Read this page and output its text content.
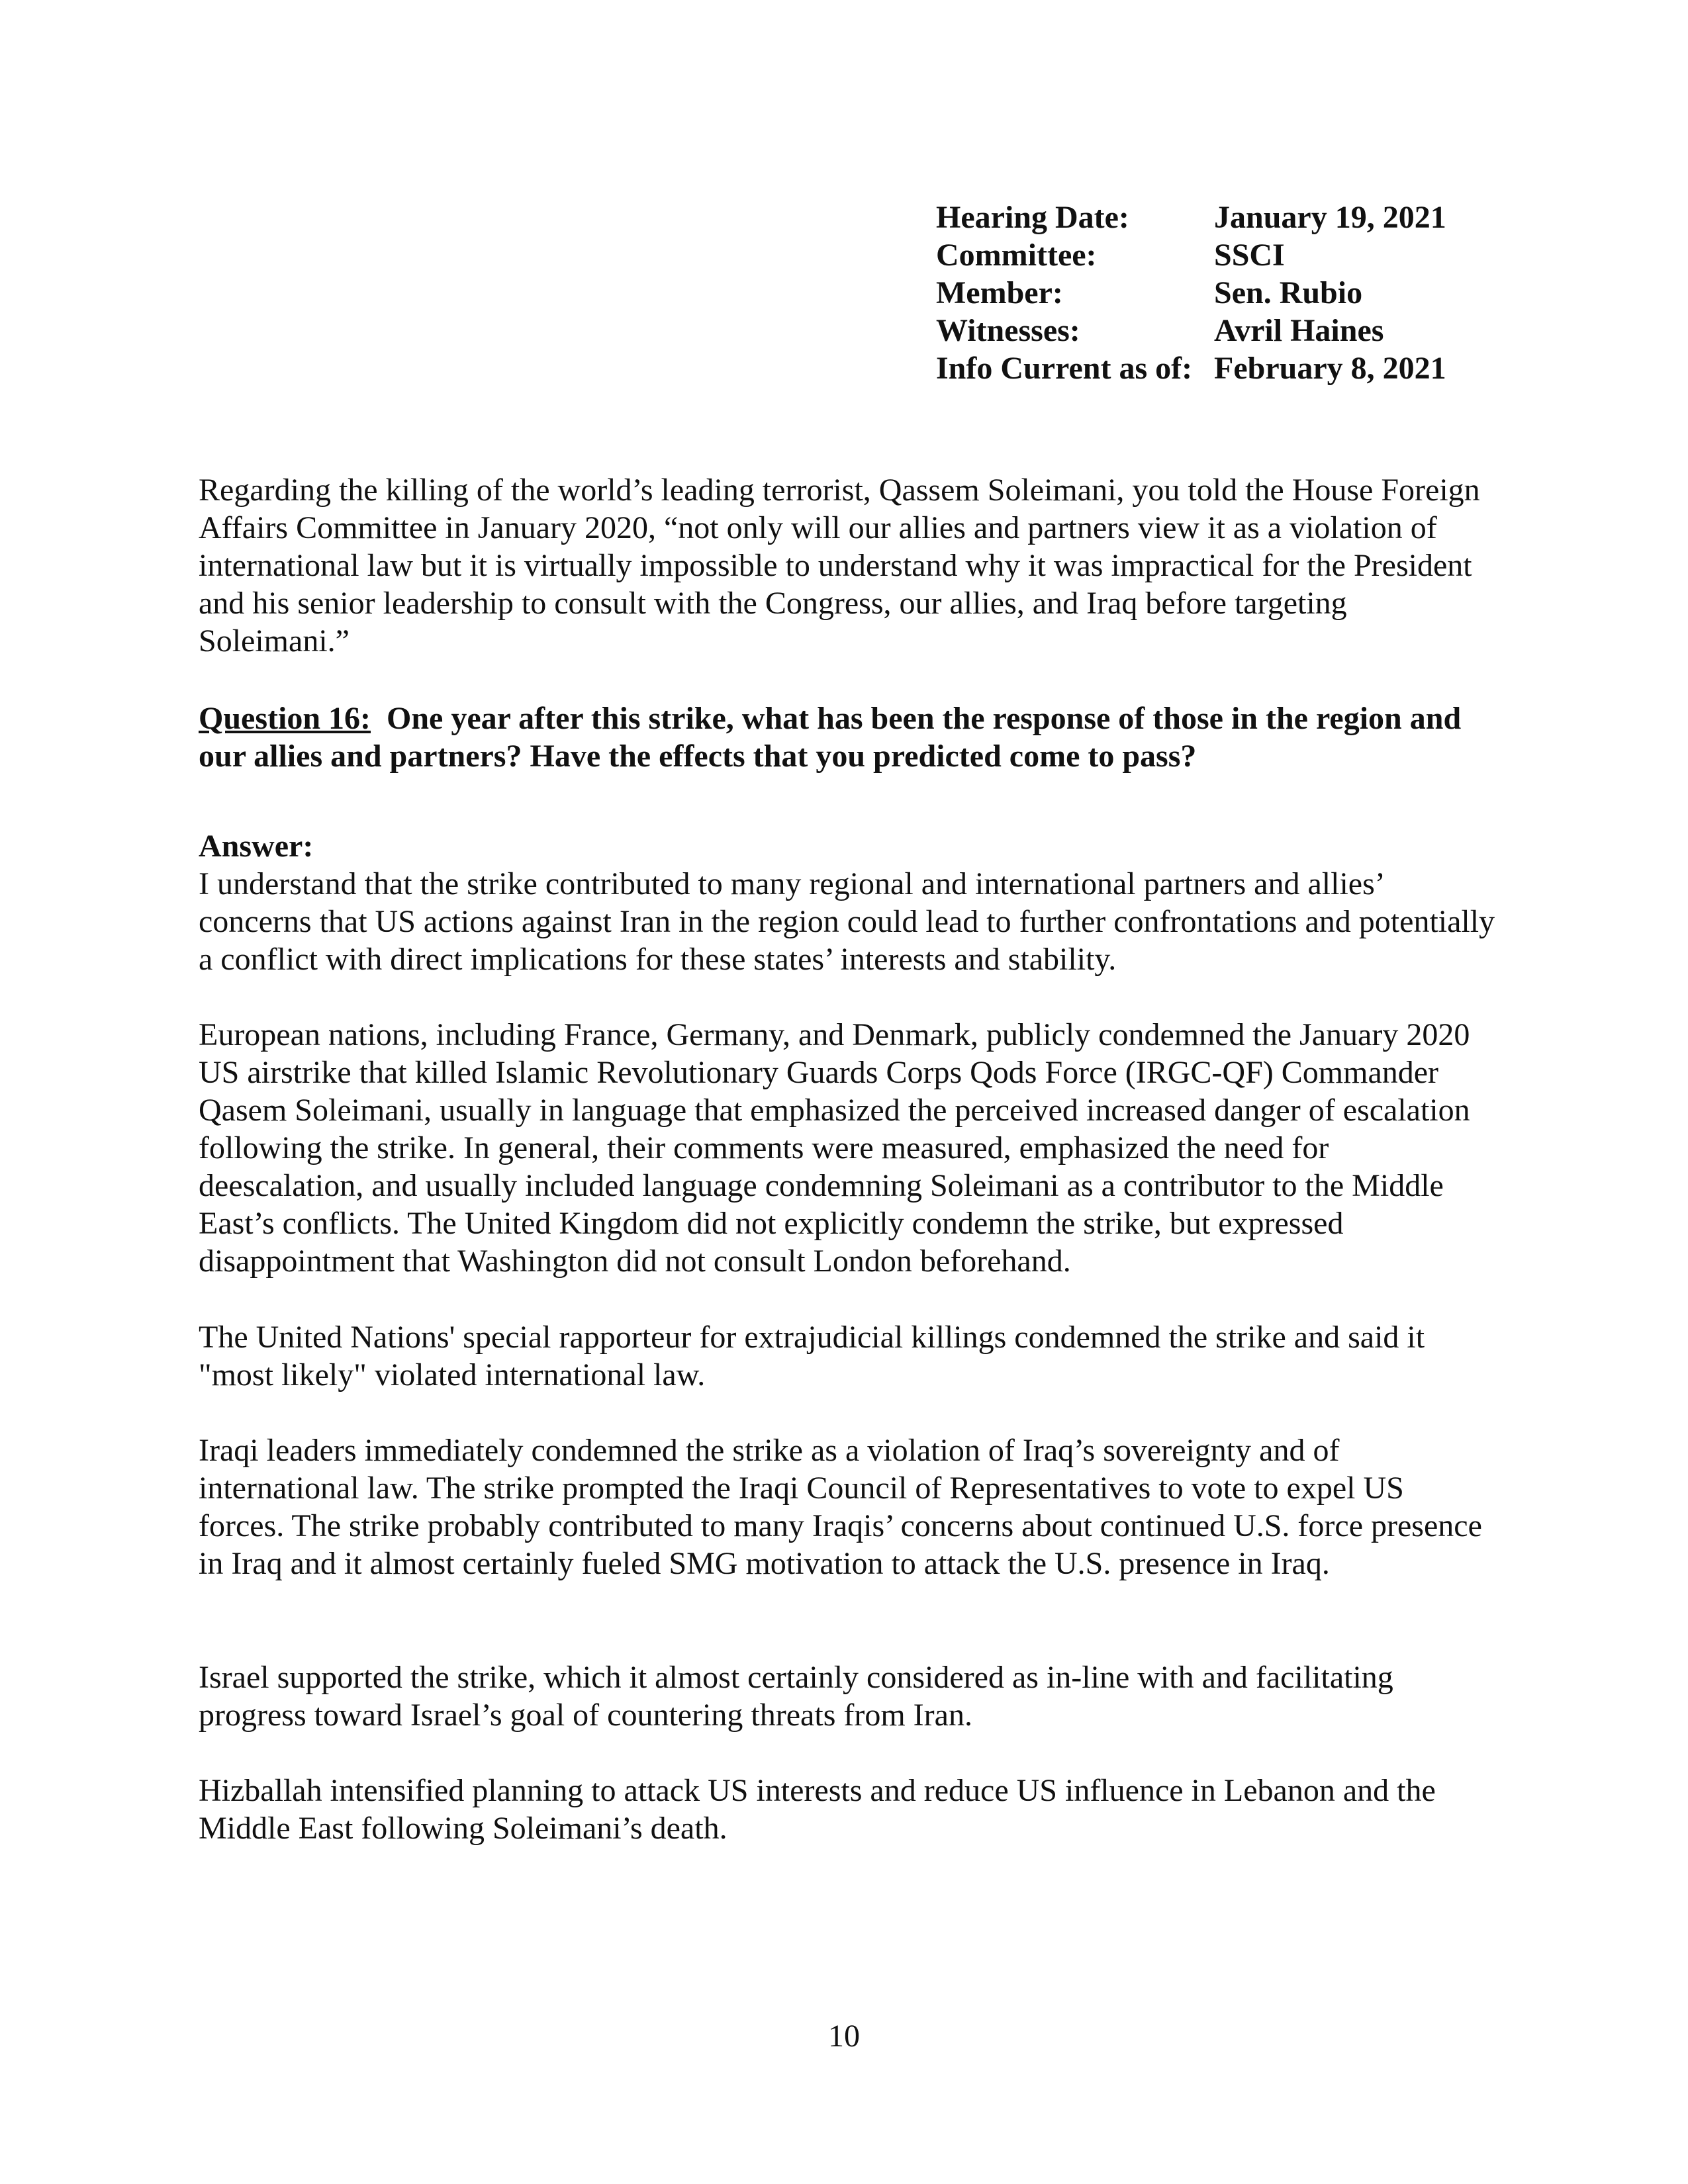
Hearing Date:	January 19, 2021
Committee:	SSCI
Member:	Sen. Rubio
Witnesses:	Avril Haines
Info Current as of: February 8, 2021

Regarding the killing of the world’s leading terrorist, Qassem Soleimani, you told the House Foreign Affairs Committee in January 2020, “not only will our allies and partners view it as a violation of international law but it is virtually impossible to understand why it was impractical for the President and his senior leadership to consult with the Congress, our allies, and Iraq before targeting Soleimani.”

Question 16: One year after this strike, what has been the response of those in the region and our allies and partners? Have the effects that you predicted come to pass?

Answer:

I understand that the strike contributed to many regional and international partners and allies’ concerns that US actions against Iran in the region could lead to further confrontations and potentially a conflict with direct implications for these states’ interests and stability.

European nations, including France, Germany, and Denmark, publicly condemned the January 2020 US airstrike that killed Islamic Revolutionary Guards Corps Qods Force (IRGC-QF) Commander Qasem Soleimani, usually in language that emphasized the perceived increased danger of escalation following the strike. In general, their comments were measured, emphasized the need for deescalation, and usually included language condemning Soleimani as a contributor to the Middle East’s conflicts. The United Kingdom did not explicitly condemn the strike, but expressed disappointment that Washington did not consult London beforehand.

The United Nations' special rapporteur for extrajudicial killings condemned the strike and said it "most likely" violated international law.

Iraqi leaders immediately condemned the strike as a violation of Iraq’s sovereignty and of international law. The strike prompted the Iraqi Council of Representatives to vote to expel US forces. The strike probably contributed to many Iraqis’ concerns about continued U.S. force presence in Iraq and it almost certainly fueled SMG motivation to attack the U.S. presence in Iraq.

Israel supported the strike, which it almost certainly considered as in-line with and facilitating progress toward Israel’s goal of countering threats from Iran.

Hizballah intensified planning to attack US interests and reduce US influence in Lebanon and the Middle East following Soleimani’s death.

10
